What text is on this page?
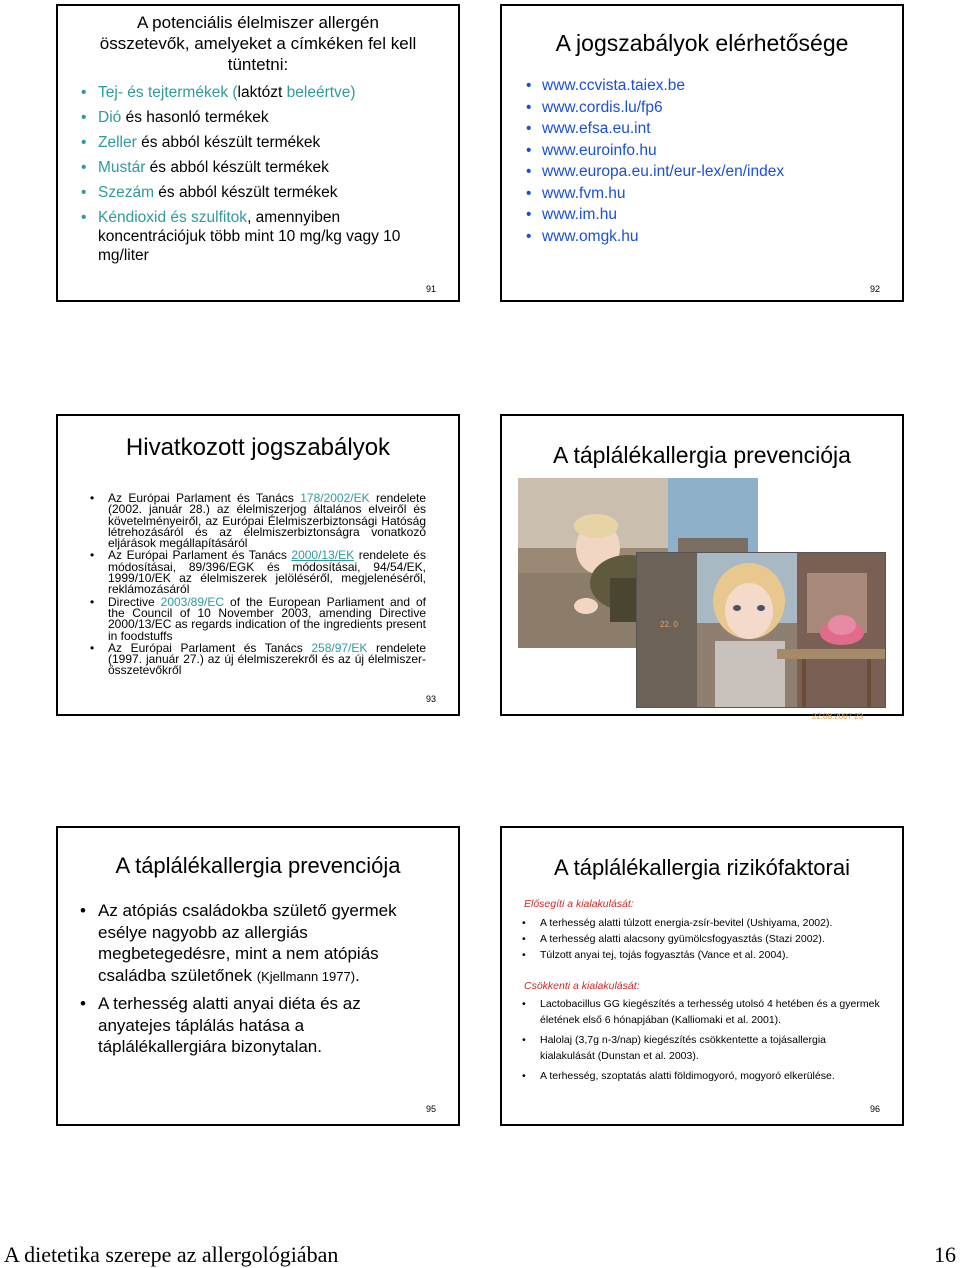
A potenciális élelmiszer allergén összetevők, amelyeket a címkéken fel kell tüntetni:
• Tej- és tejtermékek (laktózt beleértve)
• Dió és hasonló termékek
• Zeller és abból készült termékek
• Mustár és abból készült termékek
• Szezám és abból készült termékek
• Kéndioxid és szulfitok, amennyiben koncentrációjuk több mint 10 mg/kg vagy 10 mg/liter
91
A jogszabályok elérhetősége
• www.ccvista.taiex.be
• www.cordis.lu/fp6
• www.efsa.eu.int
• www.euroinfo.hu
• www.europa.eu.int/eur-lex/en/index
• www.fvm.hu
• www.im.hu
• www.omgk.hu
92
Hivatkozott jogszabályok
• Az Európai Parlament és Tanács 178/2002/EK rendelete (2002. január 28.) az élelmiszerjog általános elveiről és követelményeiről, az Európai Élelmiszerbiztonsági Hatóság létrehozásáról és az élelmiszerbiztonságra vonatkozó eljárások megállapításáról
• Az Európai Parlament és Tanács 2000/13/EK rendelete és módosításai, 89/396/EGK és módosításai, 94/54/EK, 1999/10/EK az élelmiszerek jelöléséről, megjelenéséről, reklámozásáról
• Directive 2003/89/EC of the European Parliament and of the Council of 10 November 2003, amending Directive 2000/13/EC as regards indication of the ingredients present in foodstuffs
• Az Európai Parlament és Tanács 258/97/EK rendelete (1997. január 27.) az új élelmiszerekről és az új élelmiszer-összetevőkről
93
A táplálékallergia prevenciója
22. 0
22.08.2007 23
A táplálékallergia prevenciója
• Az atópiás családokba születő gyermek esélye nagyobb az allergiás megbetegedésre, mint a nem atópiás családba születőnek (Kjellmann 1977).
• A terhesség alatti anyai diéta és az anyatejes táplálás hatása a táplálékallergiára bizonytalan.
95
A táplálékallergia rizikófaktorai
Elősegíti a kialakulását:
• A terhesség alatti túlzott energia-zsír-bevitel (Ushiyama, 2002).
• A terhesség alatti alacsony gyümölcsfogyasztás (Stazi 2002).
• Túlzott anyai tej, tojás fogyasztás (Vance et al. 2004).
Csökkenti a kialakulását:
• Lactobacillus GG kiegészítés a terhesség utolsó 4 hetében és a gyermek életének első 6 hónapjában (Kalliomaki et al. 2001).
• Halolaj (3,7g n-3/nap) kiegészítés csökkentette a tojásallergia kialakulását (Dunstan et al. 2003).
• A terhesség, szoptatás alatti földimogyoró, mogyoró elkerülése.
96
A dietetika szerepe az allergológiában	16
